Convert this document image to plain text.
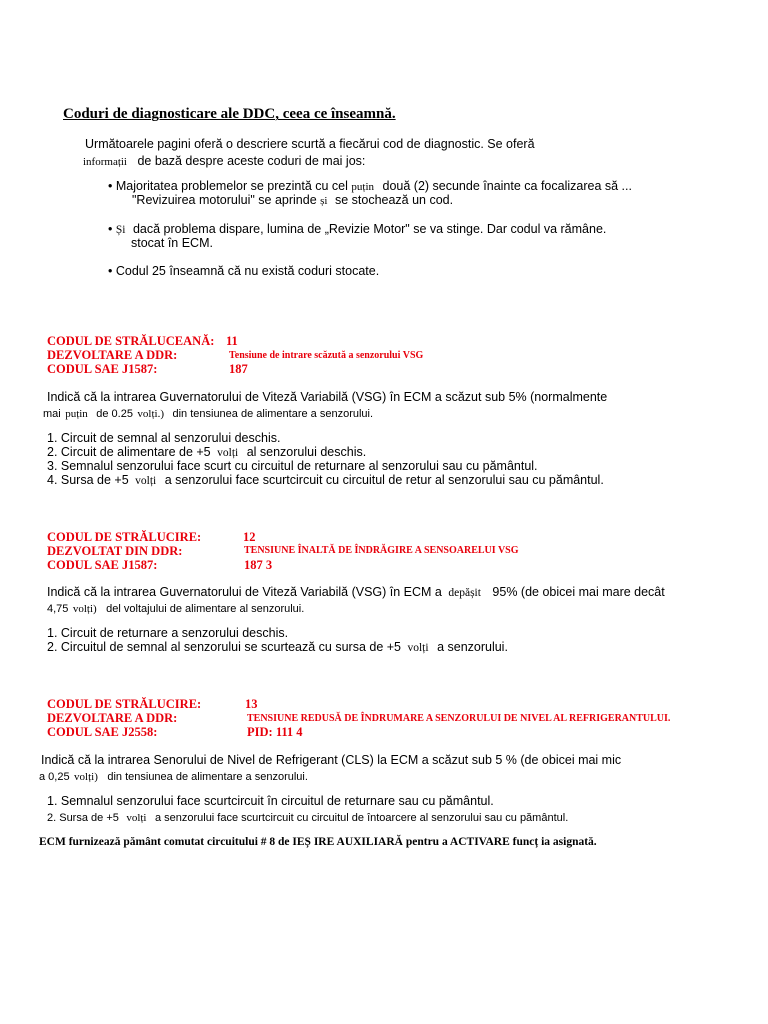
Coduri de diagnosticare ale DDC, ceea ce înseamnă.
Următoarele pagini oferă o descriere scurtă a fiecărui cod de diagnostic. Se oferă
informații de bază despre aceste coduri de mai jos:
• Majoritatea problemelor se prezintă cu cel puțin două (2) secunde înainte ca focalizarea să ...
"Revizuirea motorului" se aprinde și se stochează un cod.
• Și dacă problema dispare, lumina de „Revizie Motor" se va stinge. Dar codul va rămâne.
stocat în ECM.
• Codul 25 înseamnă că nu există coduri stocate.
CODUL DE STRĂLUCEANĂ: 11
DEZVOLTARE A DDR:	Tensiune de intrare scăzută a senzorului VSG
CODUL SAE J1587:	187
Indică că la intrarea Guvernatorului de Viteză Variabilă (VSG) în ECM a scăzut sub 5% (normalmente
mai puțin de 0.25 volți.) din tensiunea de alimentare a senzorului.
1. Circuit de semnal al senzorului deschis.
2. Circuit de alimentare de +5 volți al senzorului deschis.
3. Semnalul senzorului face scurt cu circuitul de returnare al senzorului sau cu pământul.
4. Sursa de +5 volți a senzorului face scurtcircuit cu circuitul de retur al senzorului sau cu pământul.
CODUL DE STRĂLUCIRE:	12
DEZVOLTAT DIN DDR:	TENSIUNE ÎNALTĂ DE ÎNDRĂGIRE A SENSOARELUI VSG
CODUL SAE J1587:	187 3
Indică că la intrarea Guvernatorului de Viteză Variabilă (VSG) în ECM a depășit 95% (de obicei mai mare decât
4,75 volți) del voltajului de alimentare al senzorului.
1. Circuit de returnare a senzorului deschis.
2. Circuitul de semnal al senzorului se scurtează cu sursa de +5 volți a senzorului.
CODUL DE STRĂLUCIRE:	13
DEZVOLTARE A DDR:	TENSIUNE REDUSĂ DE ÎNDRUMARE A SENZORULUI DE NIVEL AL REFRIGERANTULUI.
CODUL SAE J2558:	PID: 111 4
Indică că la intrarea Senorului de Nivel de Refrigerant (CLS) la ECM a scăzut sub 5 % (de obicei mai mic
a 0,25 volți) din tensiunea de alimentare a senzorului.
1. Semnalul senzorului face scurtcircuit în circuitul de returnare sau cu pământul.
2. Sursa de +5 volți a senzorului face scurtcircuit cu circuitul de întoarcere al senzorului sau cu pământul.
ECM furnizează pământ comutat circuitului # 8 de IEȘ IRE AUXILIARĂ pentru a ACTIVARE funcț ia asignată.
